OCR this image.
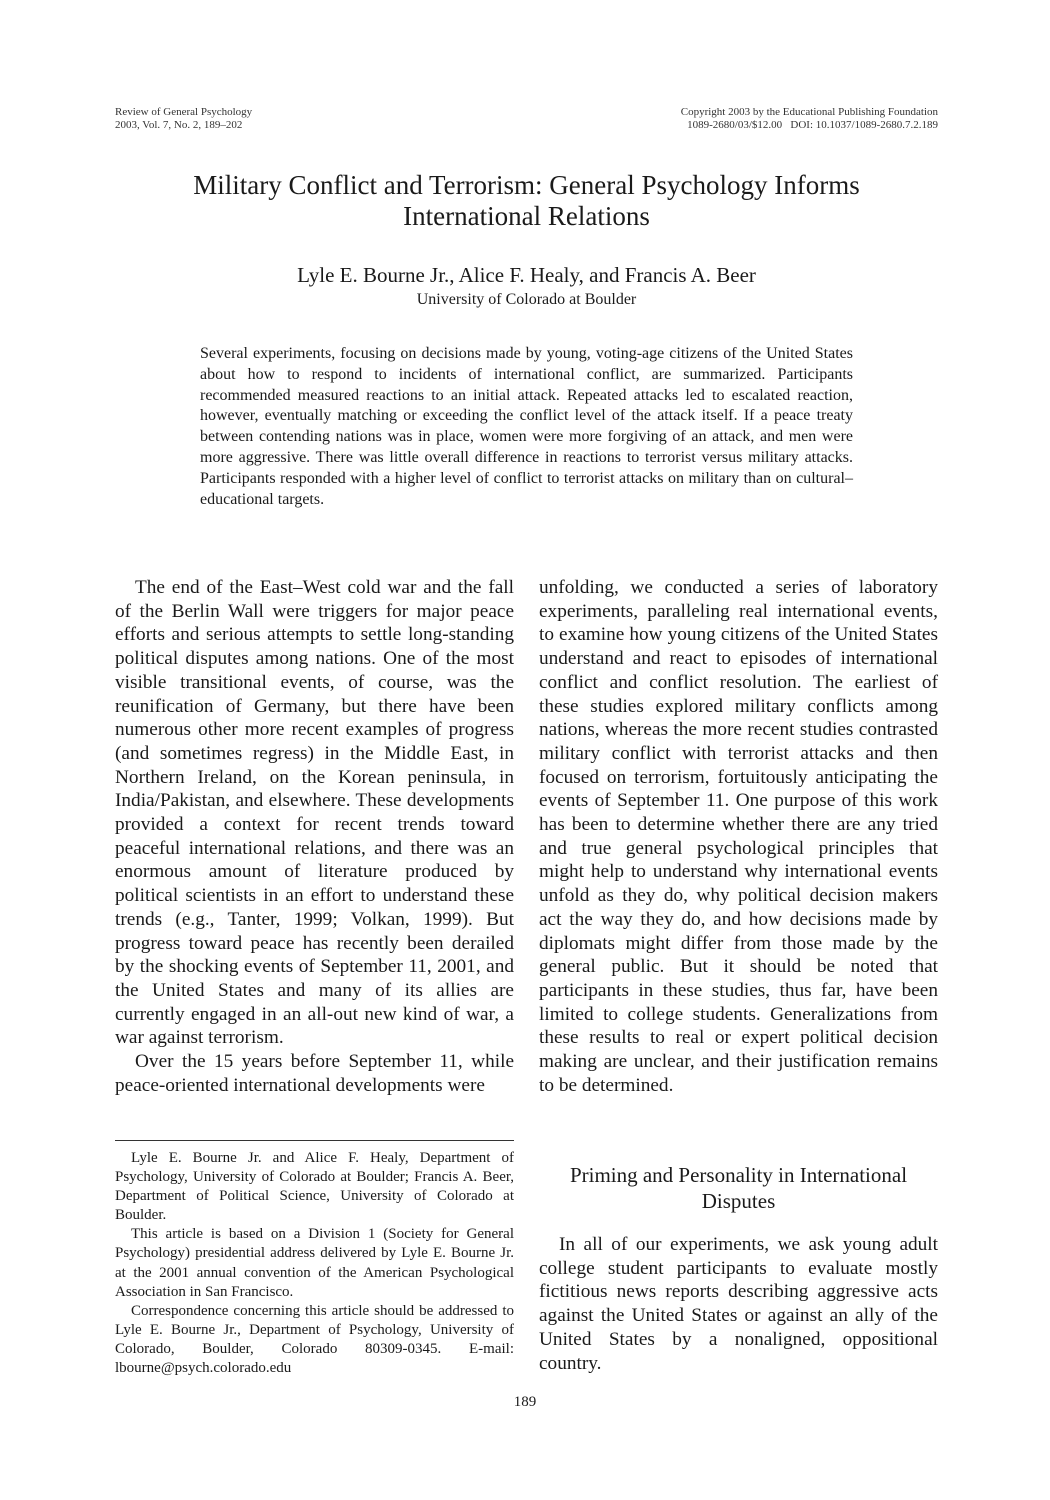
Review of General Psychology
2003, Vol. 7, No. 2, 189–202
Copyright 2003 by the Educational Publishing Foundation
1089-2680/03/$12.00   DOI: 10.1037/1089-2680.7.2.189
Military Conflict and Terrorism: General Psychology Informs
International Relations
Lyle E. Bourne Jr., Alice F. Healy, and Francis A. Beer
University of Colorado at Boulder

Several experiments, focusing on decisions made by young, voting-age citizens of the United States about how to respond to incidents of international conflict, are summarized. Participants recommended measured reactions to an initial attack. Repeated attacks led to escalated reaction, however, eventually matching or exceeding the conflict level of the attack itself. If a peace treaty between contending nations was in place, women were more forgiving of an attack, and men were more aggressive. There was little overall difference in reactions to terrorist versus military attacks. Participants responded with a higher level of conflict to terrorist attacks on military than on cultural–educational targets.

The end of the East–West cold war and the fall of the Berlin Wall were triggers for major peace efforts and serious attempts to settle long-standing political disputes among nations. One of the most visible transitional events, of course, was the reunification of Germany, but there have been numerous other more recent examples of progress (and sometimes regress) in the Middle East, in Northern Ireland, on the Korean peninsula, in India/Pakistan, and elsewhere. These developments provided a context for recent trends toward peaceful international relations, and there was an enormous amount of literature produced by political scientists in an effort to understand these trends (e.g., Tanter, 1999; Volkan, 1999). But progress toward peace has recently been derailed by the shocking events of September 11, 2001, and the United States and many of its allies are currently engaged in an all-out new kind of war, a war against terrorism.

Over the 15 years before September 11, while peace-oriented international developments were

unfolding, we conducted a series of laboratory experiments, paralleling real international events, to examine how young citizens of the United States understand and react to episodes of international conflict and conflict resolution. The earliest of these studies explored military conflicts among nations, whereas the more recent studies contrasted military conflict with terrorist attacks and then focused on terrorism, fortuitously anticipating the events of September 11. One purpose of this work has been to determine whether there are any tried and true general psychological principles that might help to understand why international events unfold as they do, why political decision makers act the way they do, and how decisions made by diplomats might differ from those made by the general public. But it should be noted that participants in these studies, thus far, have been limited to college students. Generalizations from these results to real or expert political decision making are unclear, and their justification remains to be determined.

Lyle E. Bourne Jr. and Alice F. Healy, Department of Psychology, University of Colorado at Boulder; Francis A. Beer, Department of Political Science, University of Colorado at Boulder.

This article is based on a Division 1 (Society for General Psychology) presidential address delivered by Lyle E. Bourne Jr. at the 2001 annual convention of the American Psychological Association in San Francisco.

Correspondence concerning this article should be addressed to Lyle E. Bourne Jr., Department of Psychology, University of Colorado, Boulder, Colorado 80309-0345. E-mail: lbourne@psych.colorado.edu

Priming and Personality in International Disputes

In all of our experiments, we ask young adult college student participants to evaluate mostly fictitious news reports describing aggressive acts against the United States or against an ally of the United States by a nonaligned, oppositional country.

189
